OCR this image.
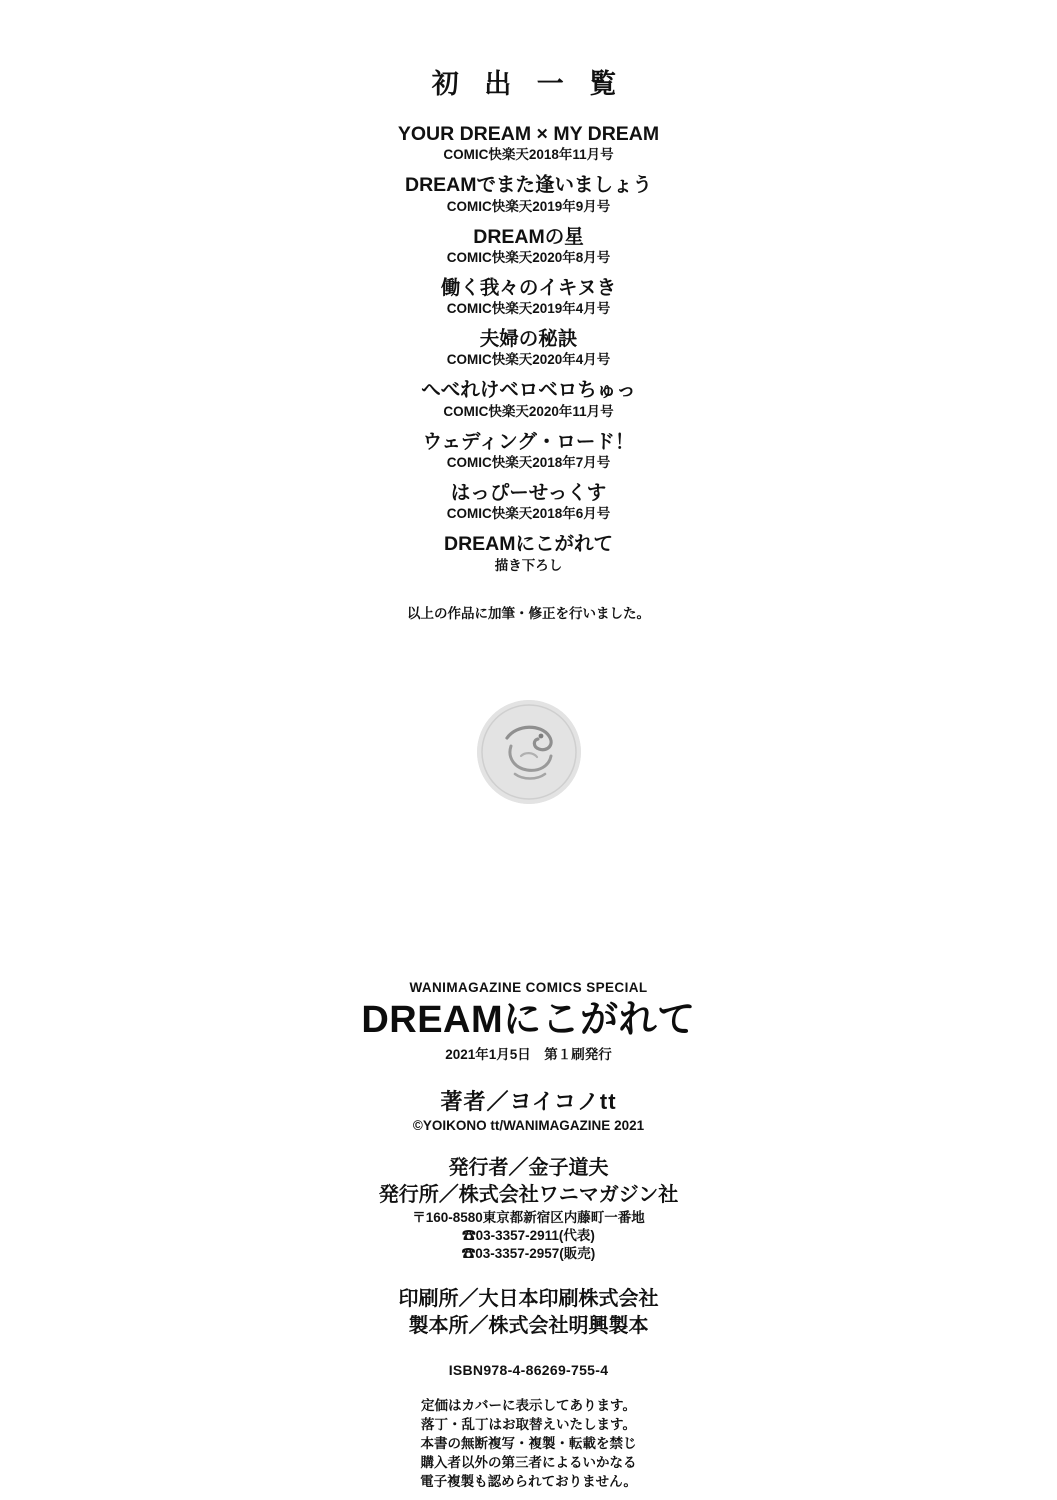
初 出 一 覧
YOUR DREAM × MY DREAM
COMIC快楽天2018年11月号
DREAMでまた逢いましょう
COMIC快楽天2019年9月号
DREAMの星
COMIC快楽天2020年8月号
働く我々のイキヌき
COMIC快楽天2019年4月号
夫婦の秘訣
COMIC快楽天2020年4月号
へべれけベロベロちゅっ
COMIC快楽天2020年11月号
ウェディング・ロード！
COMIC快楽天2018年7月号
はっぴーせっくす
COMIC快楽天2018年6月号
DREAMにこがれて
描き下ろし
以上の作品に加筆・修正を行いました。
WANIMAGAZINE COMICS SPECIAL
DREAMにこがれて
2021年1月5日　第１刷発行
著者／ヨイコノtt
©YOIKONO tt/WANIMAGAZINE 2021
発行者／金子道夫
発行所／株式会社ワニマガジン社
〒160-8580東京都新宿区内藤町一番地
☎03-3357-2911(代表)
☎03-3357-2957(販売)
印刷所／大日本印刷株式会社
製本所／株式会社明興製本
ISBN978-4-86269-755-4
定価はカバーに表示してあります。
落丁・乱丁はお取替えいたします。
本書の無断複写・複製・転載を禁じ
購入者以外の第三者によるいかなる
電子複製も認められておりません。
